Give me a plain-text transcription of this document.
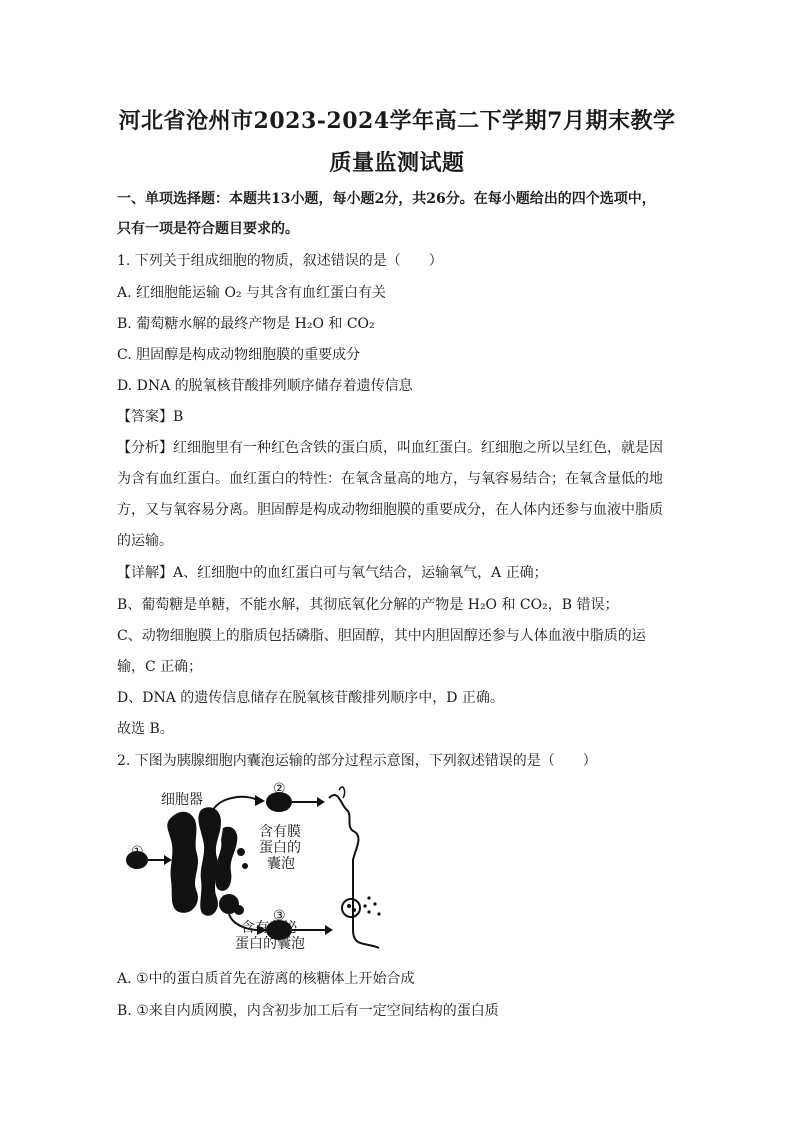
河北省沧州市2023-2024学年高二下学期7月期末教学
质量监测试题
一、单项选择题：本题共13小题，每小题2分，共26分。在每小题给出的四个选项中，
只有一项是符合题目要求的。
1. 下列关于组成细胞的物质，叙述错误的是（　　）
A. 红细胞能运输 O₂ 与其含有血红蛋白有关
B. 葡萄糖水解的最终产物是 H₂O 和 CO₂
C. 胆固醇是构成动物细胞膜的重要成分
D. DNA 的脱氧核苷酸排列顺序储存着遗传信息
【答案】B
【分析】红细胞里有一种红色含铁的蛋白质，叫血红蛋白。红细胞之所以呈红色，就是因
为含有血红蛋白。血红蛋白的特性：在氧含量高的地方，与氧容易结合；在氧含量低的地
方，又与氧容易分离。胆固醇是构成动物细胞膜的重要成分，在人体内还参与血液中脂质
的运输。
【详解】A、红细胞中的血红蛋白可与氧气结合，运输氧气，A 正确；
B、葡萄糖是单糖，不能水解，其彻底氧化分解的产物是 H₂O 和 CO₂，B 错误；
C、动物细胞膜上的脂质包括磷脂、胆固醇，其中内胆固醇还参与人体血液中脂质的运
输，C 正确；
D、DNA 的遗传信息储存在脱氧核苷酸排列顺序中，D 正确。
故选 B。
2. 下图为胰腺细胞内囊泡运输的部分过程示意图，下列叙述错误的是（　　）
细胞器
①
②
③
含有膜
蛋白的
囊泡
含有分泌
蛋白的囊泡
A. ①中的蛋白质首先在游离的核糖体上开始合成
B. ①来自内质网膜，内含初步加工后有一定空间结构的蛋白质
